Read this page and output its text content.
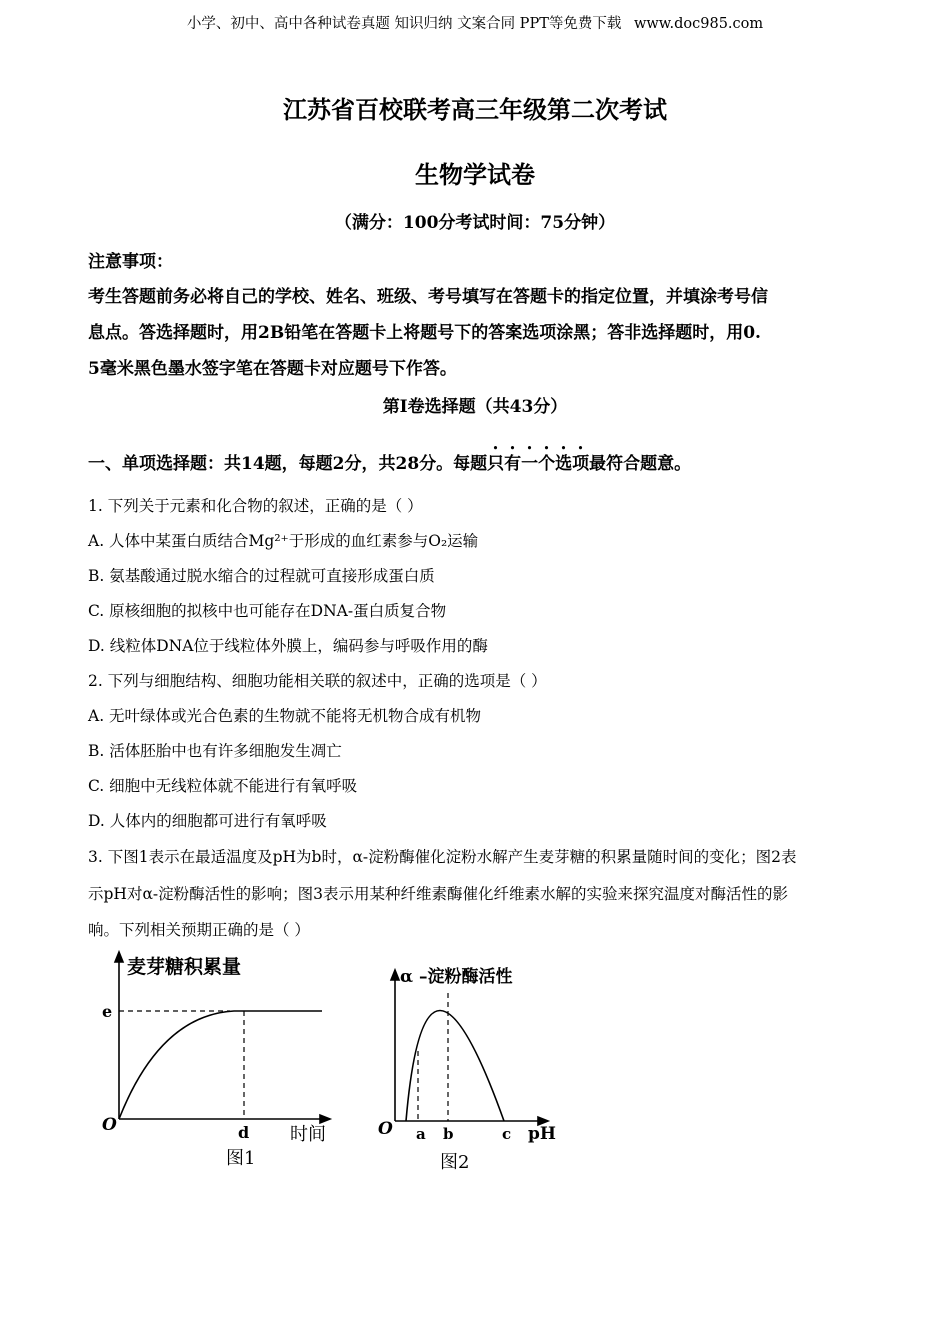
小学、初中、高中各种试卷真题 知识归纳 文案合同 PPT等免费下载 www.doc985.com
江苏省百校联考高三年级第二次考试
生物学试卷
（满分：100分考试时间：75分钟）
注意事项：
考生答题前务必将自己的学校、姓名、班级、考号填写在答题卡的指定位置，并填涂考号信
息点。答选择题时，用2B铅笔在答题卡上将题号下的答案选项涂黑；答非选择题时，用0.
5毫米黑色墨水签字笔在答题卡对应题号下作答。
第Ⅰ卷选择题（共43分）
一、单项选择题：共14题，每题2分，共28分。每题只有一个选项最符合题意。
1. 下列关于元素和化合物的叙述，正确的是（ ）
A. 人体中某蛋白质结合Mg²⁺于形成的血红素参与O₂运输
B. 氨基酸通过脱水缩合的过程就可直接形成蛋白质
C. 原核细胞的拟核中也可能存在DNA-蛋白质复合物
D. 线粒体DNA位于线粒体外膜上，编码参与呼吸作用的酶
2. 下列与细胞结构、细胞功能相关联的叙述中，正确的选项是（ ）
A. 无叶绿体或光合色素的生物就不能将无机物合成有机物
B. 活体胚胎中也有许多细胞发生凋亡
C. 细胞中无线粒体就不能进行有氧呼吸
D. 人体内的细胞都可进行有氧呼吸
3. 下图1表示在最适温度及pH为b时，α-淀粉酶催化淀粉水解产生麦芽糖的积累量随时间的变化；图2表
示pH对α-淀粉酶活性的影响；图3表示用某种纤维素酶催化纤维素水解的实验来探究温度对酶活性的影
响。下列相关预期正确的是（ ）
麦芽糖积累量
e
O	d 时间
图1
α –淀粉酶活性
O a b	c pH
图2
